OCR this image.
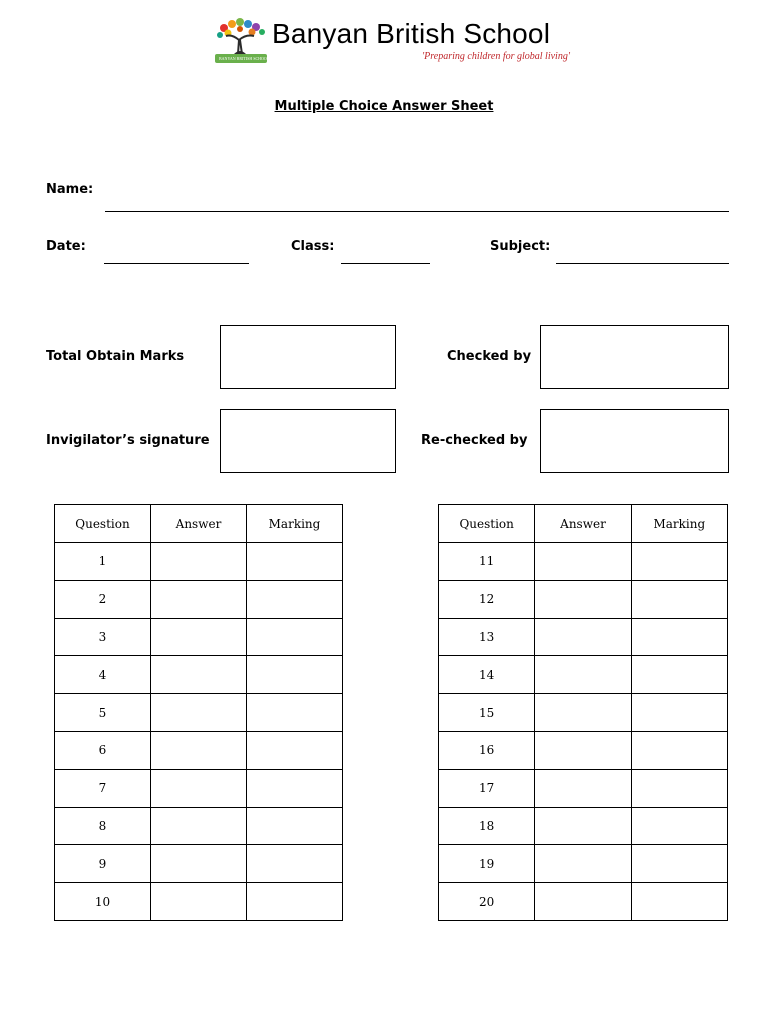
BANYAN BRITISH SCHOOL
Banyan British School
'Preparing children for global living'
Multiple Choice Answer Sheet
Name:
Date:	Class:	Subject:
Total Obtain Marks	Checked by
Invigilator’s signature	Re-checked by
Question	Answer	Marking
1		
2		
3		
4		
5		
6		
7		
8		
9		
10		
Question	Answer	Marking
11		
12		
13		
14		
15		
16		
17		
18		
19		
20		
